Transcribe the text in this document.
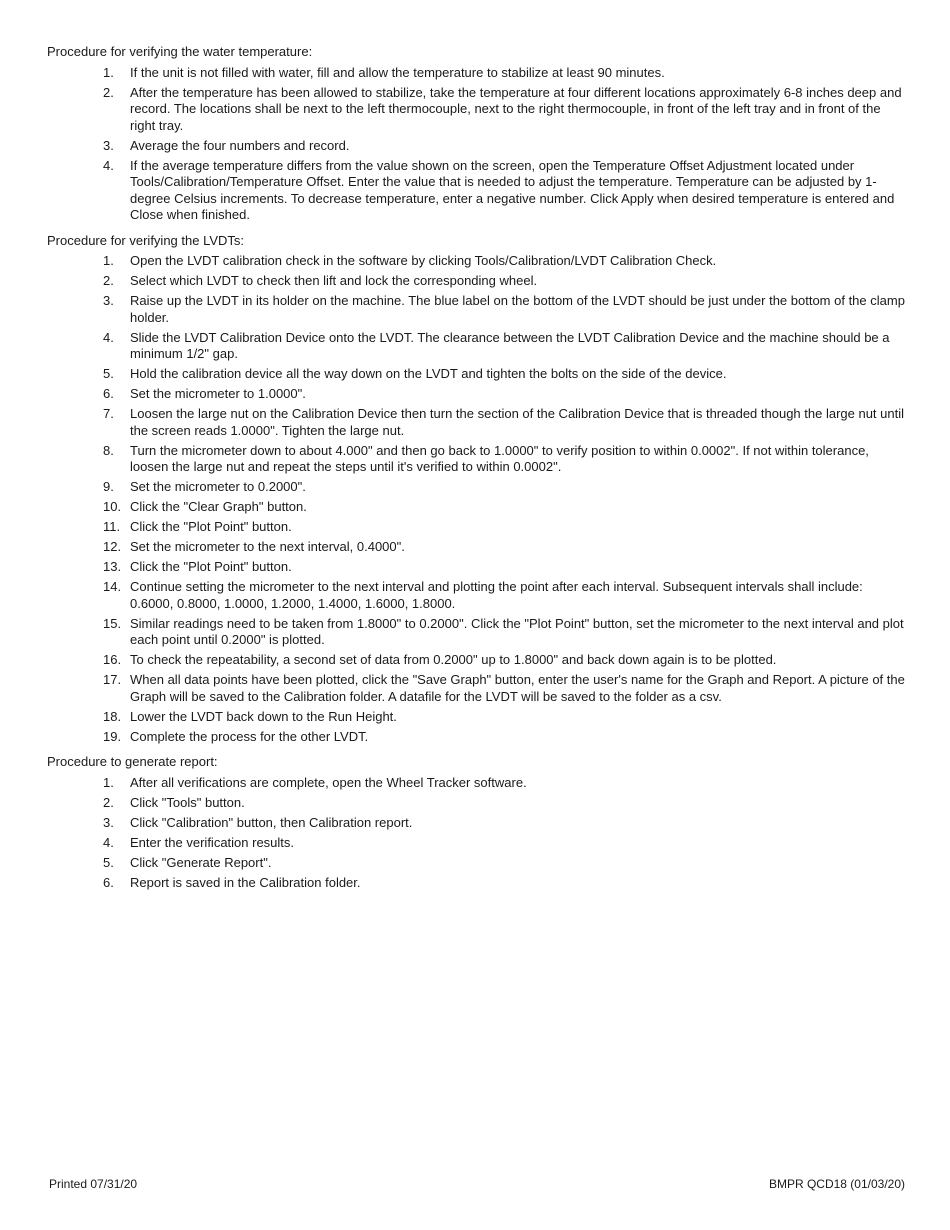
Procedure for verifying the water temperature:

1. If the unit is not filled with water, fill and allow the temperature to stabilize at least 90 minutes.
2. After the temperature has been allowed to stabilize, take the temperature at four different locations approximately 6-8 inches deep and record. The locations shall be next to the left thermocouple, next to the right thermocouple, in front of the left tray and in front of the right tray.
3. Average the four numbers and record.
4. If the average temperature differs from the value shown on the screen, open the Temperature Offset Adjustment located under Tools/Calibration/Temperature Offset. Enter the value that is needed to adjust the temperature. Temperature can be adjusted by 1-degree Celsius increments. To decrease temperature, enter a negative number. Click Apply when desired temperature is entered and Close when finished.

Procedure for verifying the LVDTs:

1. Open the LVDT calibration check in the software by clicking Tools/Calibration/LVDT Calibration Check.
2. Select which LVDT to check then lift and lock the corresponding wheel.
3. Raise up the LVDT in its holder on the machine. The blue label on the bottom of the LVDT should be just under the bottom of the clamp holder.
4. Slide the LVDT Calibration Device onto the LVDT. The clearance between the LVDT Calibration Device and the machine should be a minimum 1/2" gap.
5. Hold the calibration device all the way down on the LVDT and tighten the bolts on the side of the device.
6. Set the micrometer to 1.0000".
7. Loosen the large nut on the Calibration Device then turn the section of the Calibration Device that is threaded though the large nut until the screen reads 1.0000". Tighten the large nut.
8. Turn the micrometer down to about 4.000" and then go back to 1.0000" to verify position to within 0.0002". If not within tolerance, loosen the large nut and repeat the steps until it's verified to within 0.0002".
9. Set the micrometer to 0.2000".
10. Click the "Clear Graph" button.
11. Click the "Plot Point" button.
12. Set the micrometer to the next interval, 0.4000".
13. Click the "Plot Point" button.
14. Continue setting the micrometer to the next interval and plotting the point after each interval. Subsequent intervals shall include: 0.6000, 0.8000, 1.0000, 1.2000, 1.4000, 1.6000, 1.8000.
15. Similar readings need to be taken from 1.8000" to 0.2000". Click the "Plot Point" button, set the micrometer to the next interval and plot each point until 0.2000" is plotted.
16. To check the repeatability, a second set of data from 0.2000" up to 1.8000" and back down again is to be plotted.
17. When all data points have been plotted, click the "Save Graph" button, enter the user's name for the Graph and Report. A picture of the Graph will be saved to the Calibration folder. A datafile for the LVDT will be saved to the folder as a csv.
18. Lower the LVDT back down to the Run Height.
19. Complete the process for the other LVDT.

Procedure to generate report:

1. After all verifications are complete, open the Wheel Tracker software.
2. Click "Tools" button.
3. Click "Calibration" button, then Calibration report.
4. Enter the verification results.
5. Click "Generate Report".
6. Report is saved in the Calibration folder.
Printed 07/31/20	BMPR QCD18 (01/03/20)
